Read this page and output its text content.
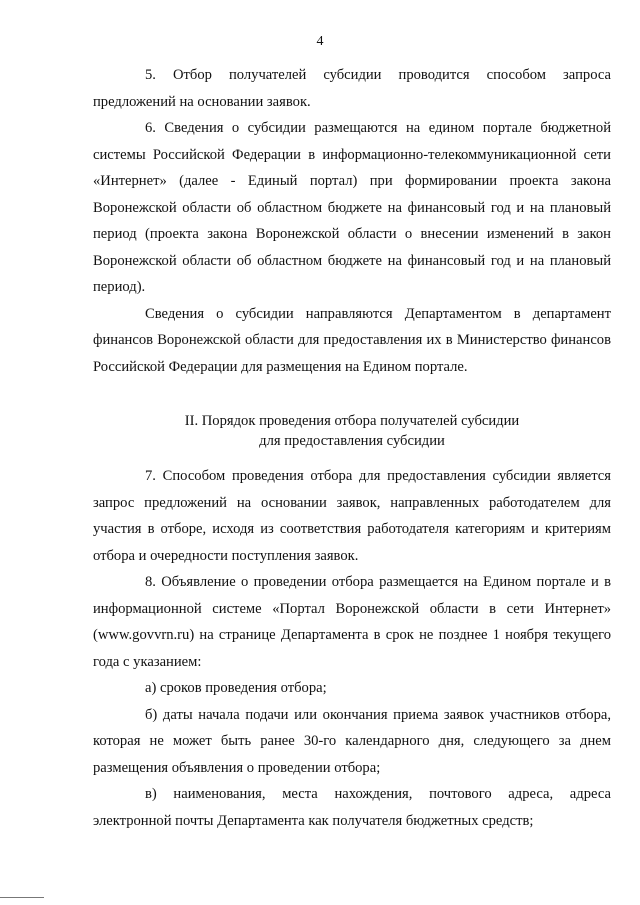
4

5. Отбор получателей субсидии проводится способом запроса предложений на основании заявок.

6. Сведения о субсидии размещаются на едином портале бюджетной системы Российской Федерации в информационно-телекоммуникационной сети «Интернет» (далее - Единый портал) при формировании проекта закона Воронежской области об областном бюджете на финансовый год и на плановый период (проекта закона Воронежской области о внесении изменений в закон Воронежской области об областном бюджете на финансовый год и на плановый период).

Сведения о субсидии направляются Департаментом в департамент финансов Воронежской области для предоставления их в Министерство финансов Российской Федерации для размещения на Едином портале.

II. Порядок проведения отбора получателей субсидии
для предоставления субсидии

7. Способом проведения отбора для предоставления субсидии является запрос предложений на основании заявок, направленных работодателем для участия в отборе, исходя из соответствия работодателя категориям и критериям отбора и очередности поступления заявок.

8. Объявление о проведении отбора размещается на Едином портале и в информационной системе «Портал Воронежской области в сети Интернет» (www.govvrn.ru) на странице Департамента в срок не позднее 1 ноября текущего года с указанием:

а) сроков проведения отбора;

б) даты начала подачи или окончания приема заявок участников отбора, которая не может быть ранее 30-го календарного дня, следующего за днем размещения объявления о проведении отбора;

в) наименования, места нахождения, почтового адреса, адреса электронной почты Департамента как получателя бюджетных средств;
